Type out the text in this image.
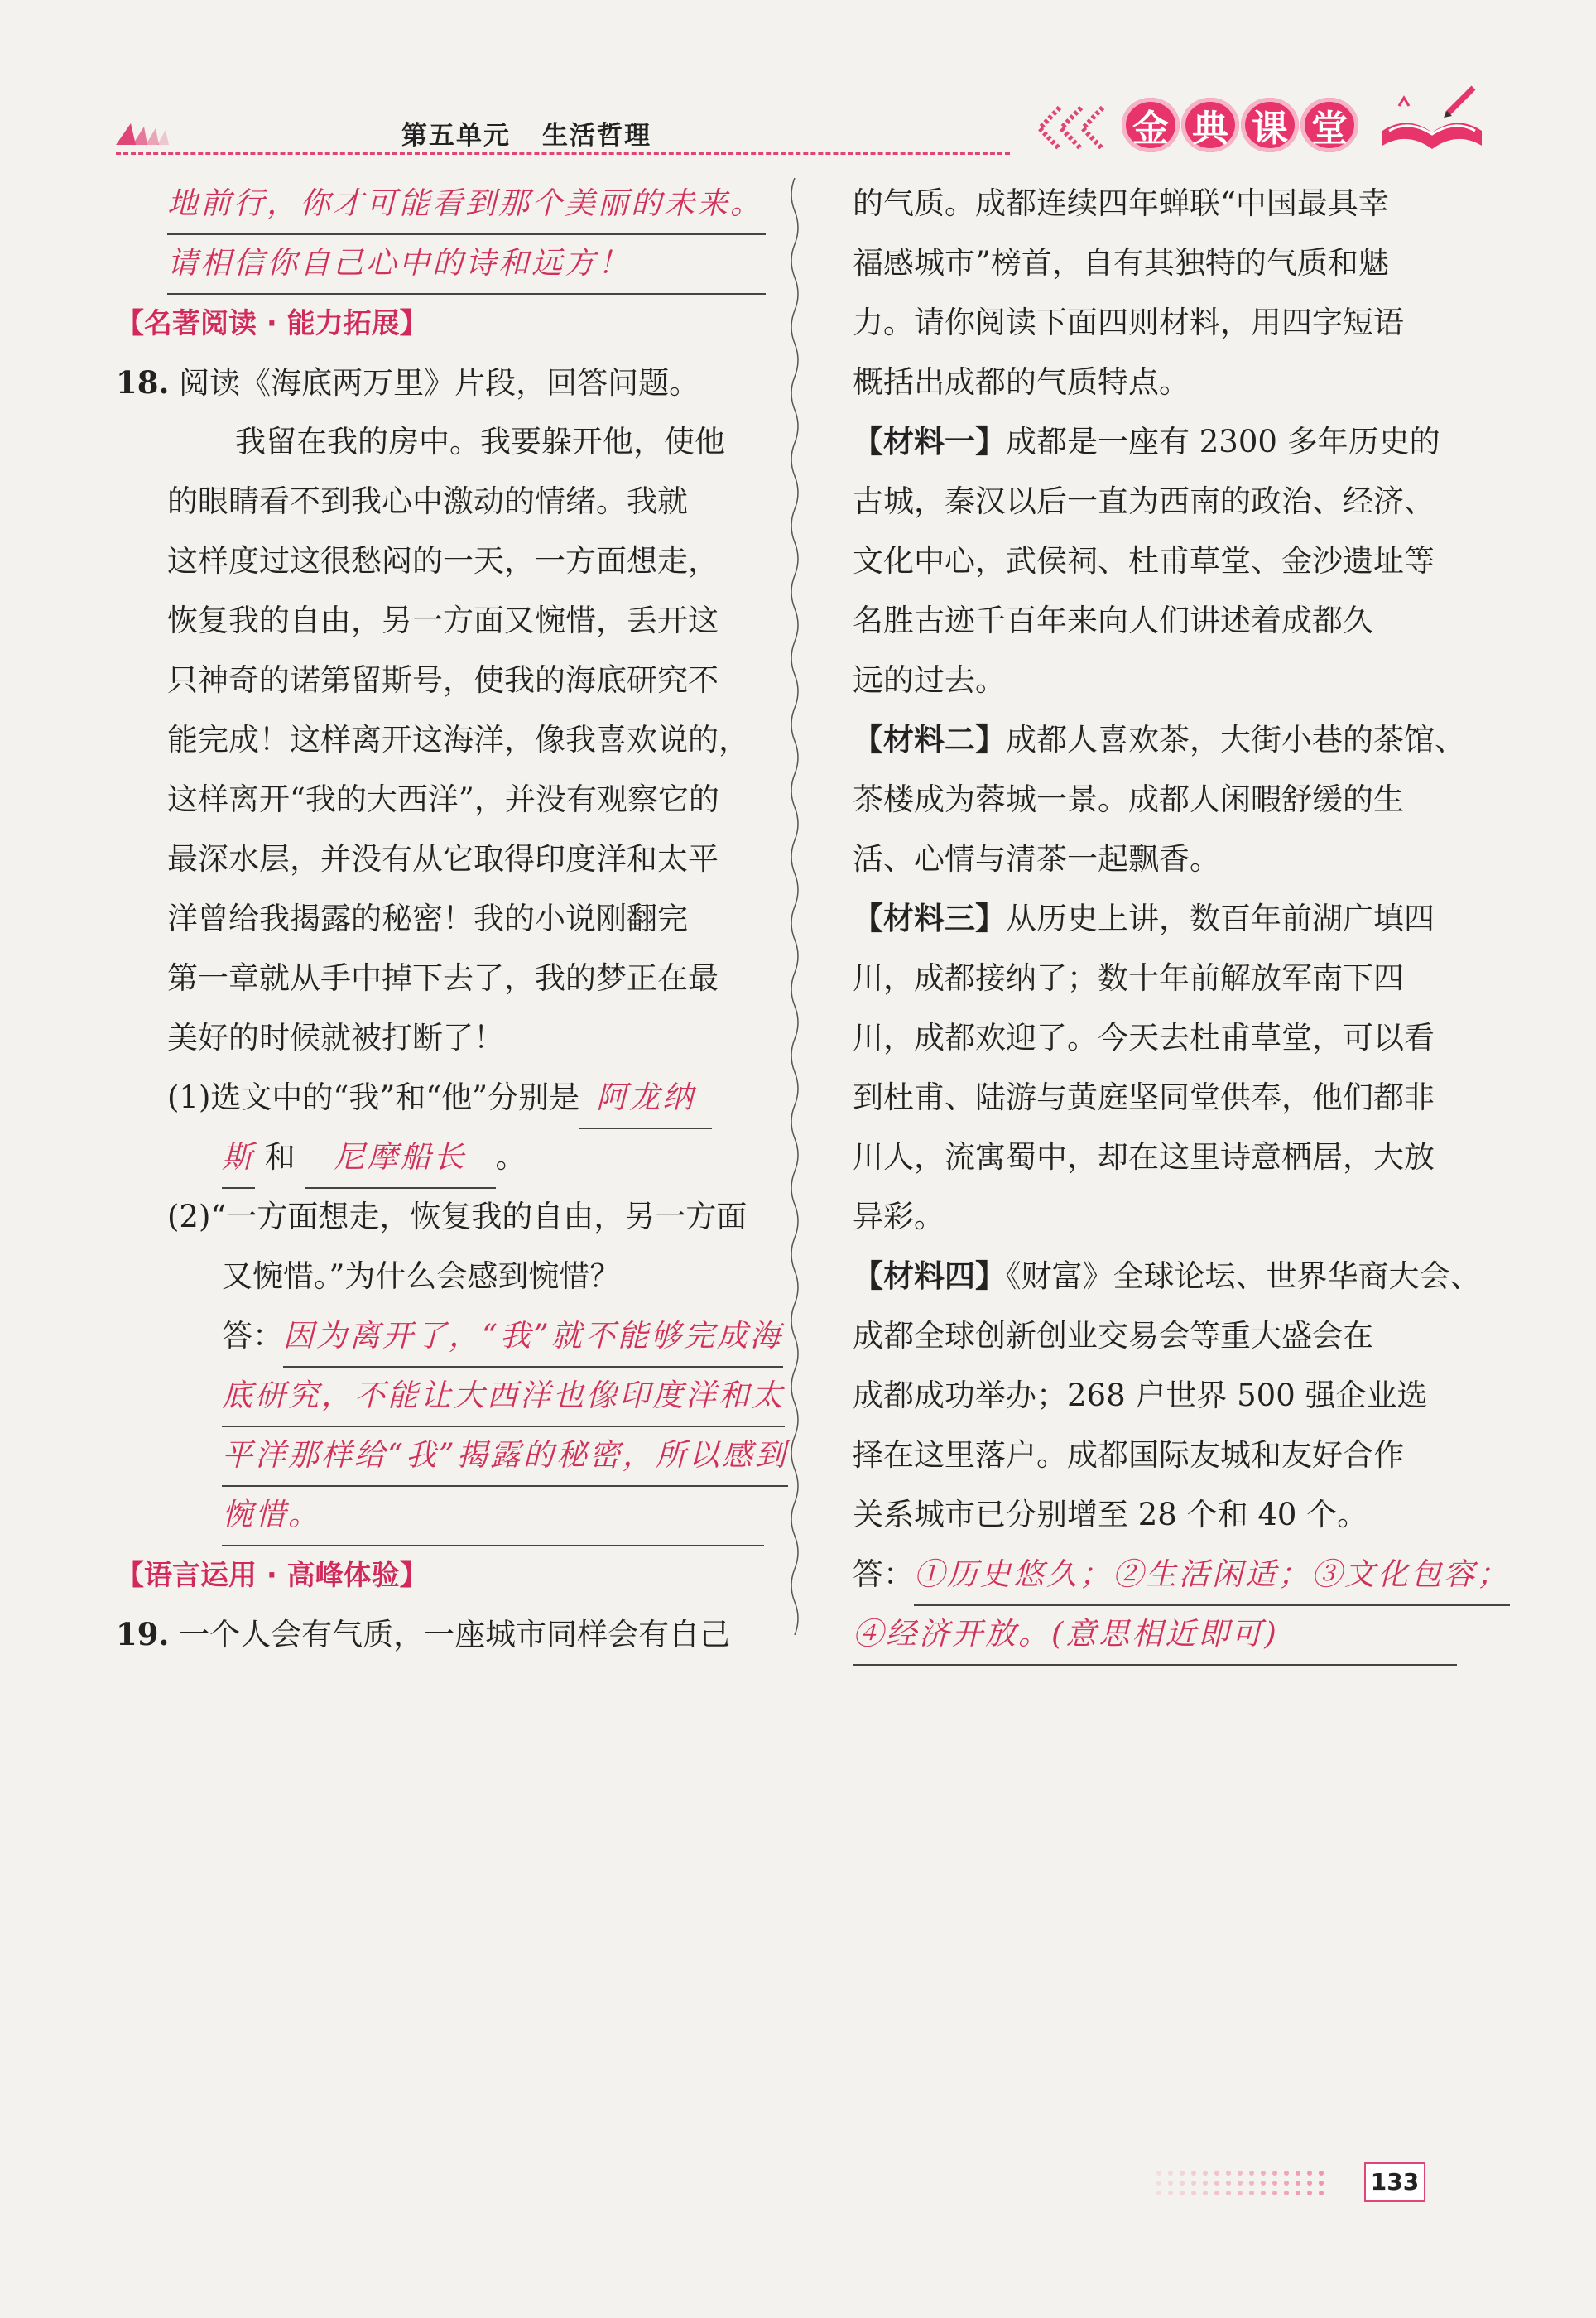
第五单元 生活哲理	金 典 课 堂
地前行，你才可能看到那个美丽的未来。
请相信你自己心中的诗和远方！
【名著阅读 · 能力拓展】
18. 阅读《海底两万里》片段，回答问题。
我留在我的房中。我要躲开他，使他
的眼睛看不到我心中激动的情绪。我就
这样度过这很愁闷的一天，一方面想走，
恢复我的自由，另一方面又惋惜，丢开这
只神奇的诺第留斯号，使我的海底研究不
能完成！这样离开这海洋，像我喜欢说的，
这样离开“我的大西洋”，并没有观察它的
最深水层，并没有从它取得印度洋和太平
洋曾给我揭露的秘密！我的小说刚翻完
第一章就从手中掉下去了，我的梦正在最
美好的时候就被打断了！
(1)选文中的“我”和“他”分别是 阿龙纳
斯 和 尼摩船长 。
(2)“一方面想走，恢复我的自由，另一方面
又惋惜。”为什么会感到惋惜？
答：因为离开了，“我”就不能够完成海
底研究，不能让大西洋也像印度洋和太
平洋那样给“我”揭露的秘密，所以感到
惋惜。
【语言运用 · 高峰体验】
19. 一个人会有气质，一座城市同样会有自己
的气质。成都连续四年蝉联“中国最具幸
福感城市”榜首，自有其独特的气质和魅
力。请你阅读下面四则材料，用四字短语
概括出成都的气质特点。
【材料一】成都是一座有 2300 多年历史的
古城，秦汉以后一直为西南的政治、经济、
文化中心，武侯祠、杜甫草堂、金沙遗址等
名胜古迹千百年来向人们讲述着成都久
远的过去。
【材料二】成都人喜欢茶，大街小巷的茶馆、
茶楼成为蓉城一景。成都人闲暇舒缓的生
活、心情与清茶一起飘香。
【材料三】从历史上讲，数百年前湖广填四
川，成都接纳了；数十年前解放军南下四
川，成都欢迎了。今天去杜甫草堂，可以看
到杜甫、陆游与黄庭坚同堂供奉，他们都非
川人，流寓蜀中，却在这里诗意栖居，大放
异彩。
【材料四】《财富》全球论坛、世界华商大会、
成都全球创新创业交易会等重大盛会在
成都成功举办；268 户世界 500 强企业选
择在这里落户。成都国际友城和友好合作
关系城市已分别增至 28 个和 40 个。
答：①历史悠久；②生活闲适；③文化包容；
④经济开放。(意思相近即可)
133
